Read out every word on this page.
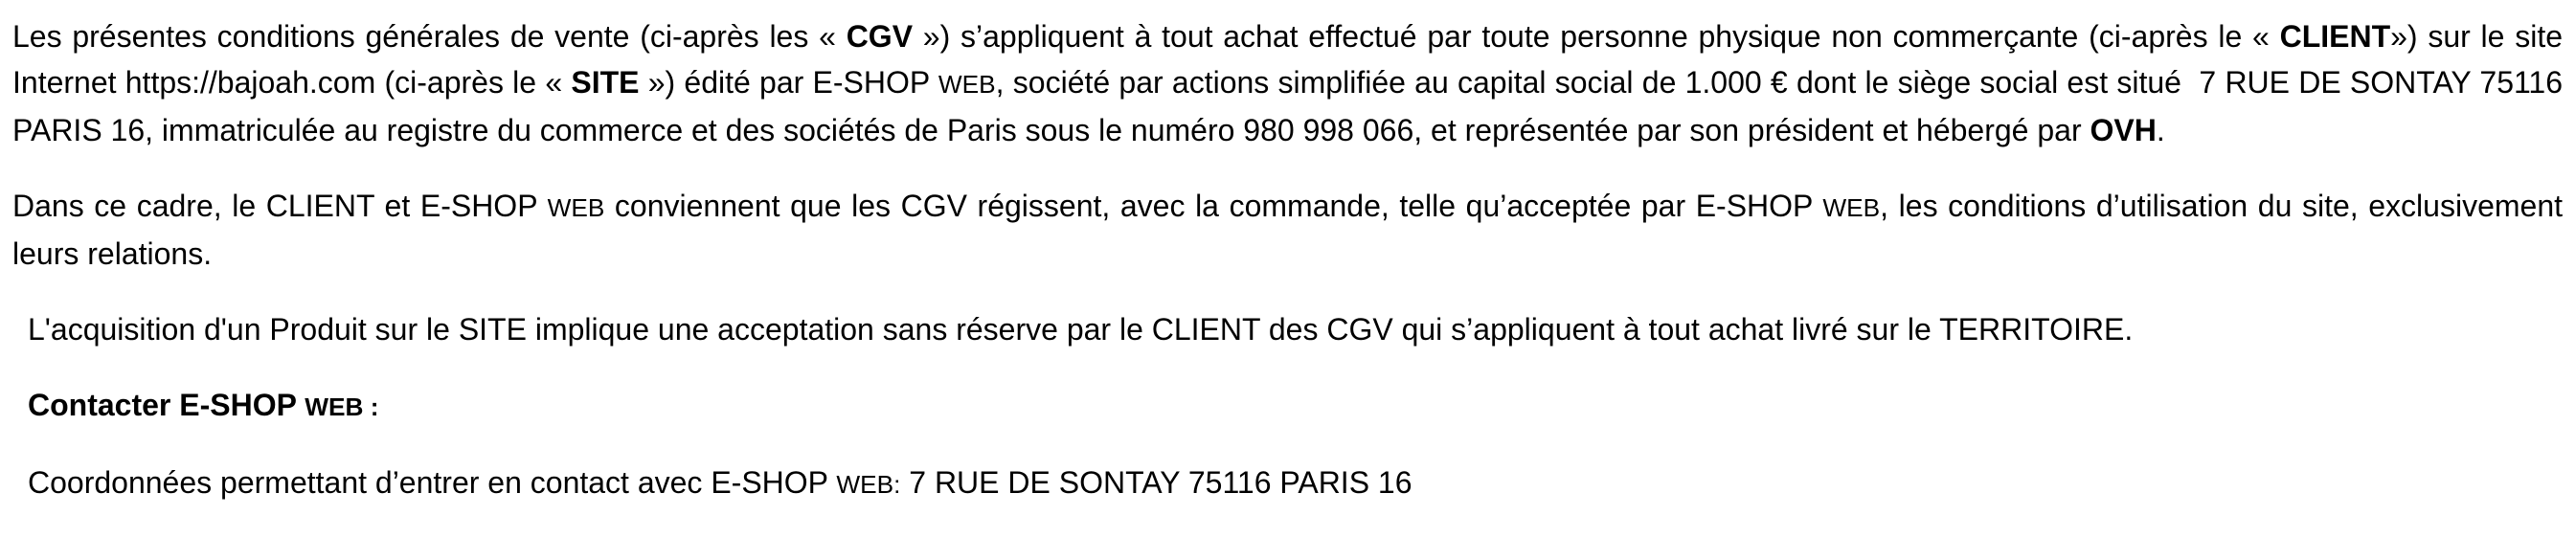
Les présentes conditions générales de vente (ci-après les « CGV ») s’appliquent à tout achat effectué par toute personne physique non commerçante (ci-après le « CLIENT») sur le site Internet https://bajoah.com (ci-après le « SITE ») édité par E-SHOP WEB, société par actions simplifiée au capital social de 1.000 € dont le siège social est situé  7 RUE DE SONTAY 75116 PARIS 16, immatriculée au registre du commerce et des sociétés de Paris sous le numéro 980 998 066, et représentée par son président et hébergé par OVH.

Dans ce cadre, le CLIENT et E-SHOP WEB conviennent que les CGV régissent, avec la commande, telle qu’acceptée par E-SHOP WEB, les conditions d’utilisation du site, exclusivement leurs relations.

L'acquisition d'un Produit sur le SITE implique une acceptation sans réserve par le CLIENT des CGV qui s’appliquent à tout achat livré sur le TERRITOIRE.

Contacter E-SHOP WEB :

Coordonnées permettant d’entrer en contact avec E-SHOP WEB: 7 RUE DE SONTAY 75116 PARIS 16
